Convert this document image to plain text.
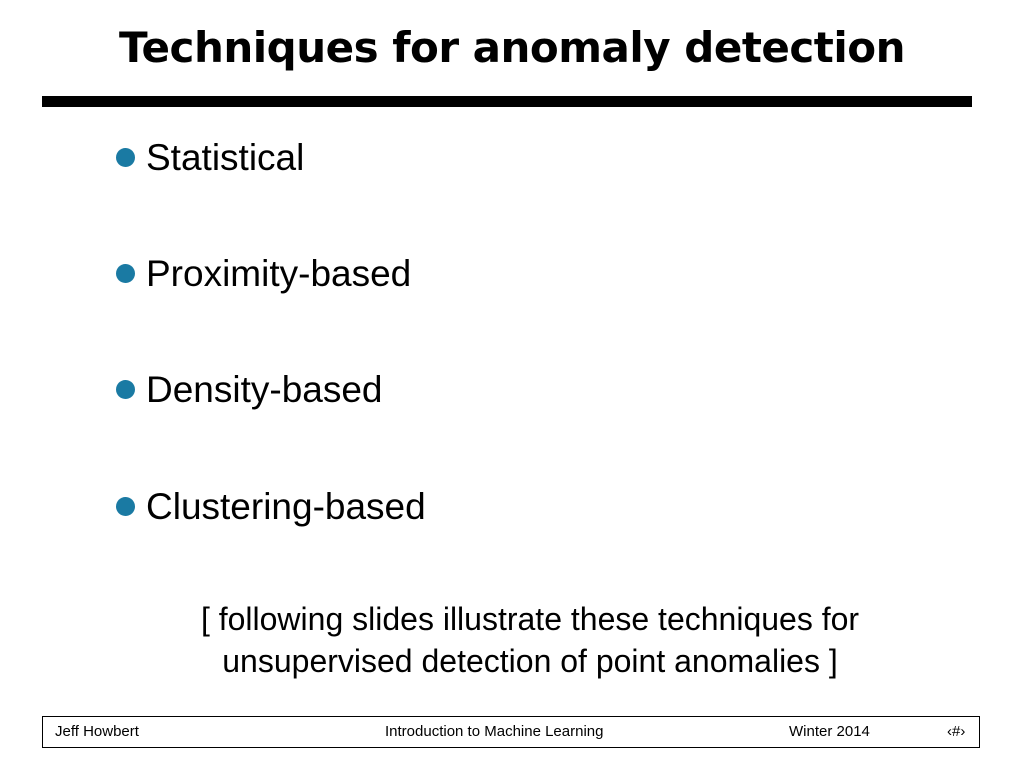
Techniques for anomaly detection
Statistical
Proximity-based
Density-based
Clustering-based
[ following slides illustrate these techniques for
unsupervised detection of point anomalies ]
Jeff Howbert	Introduction to Machine Learning	Winter 2014	‹#›
